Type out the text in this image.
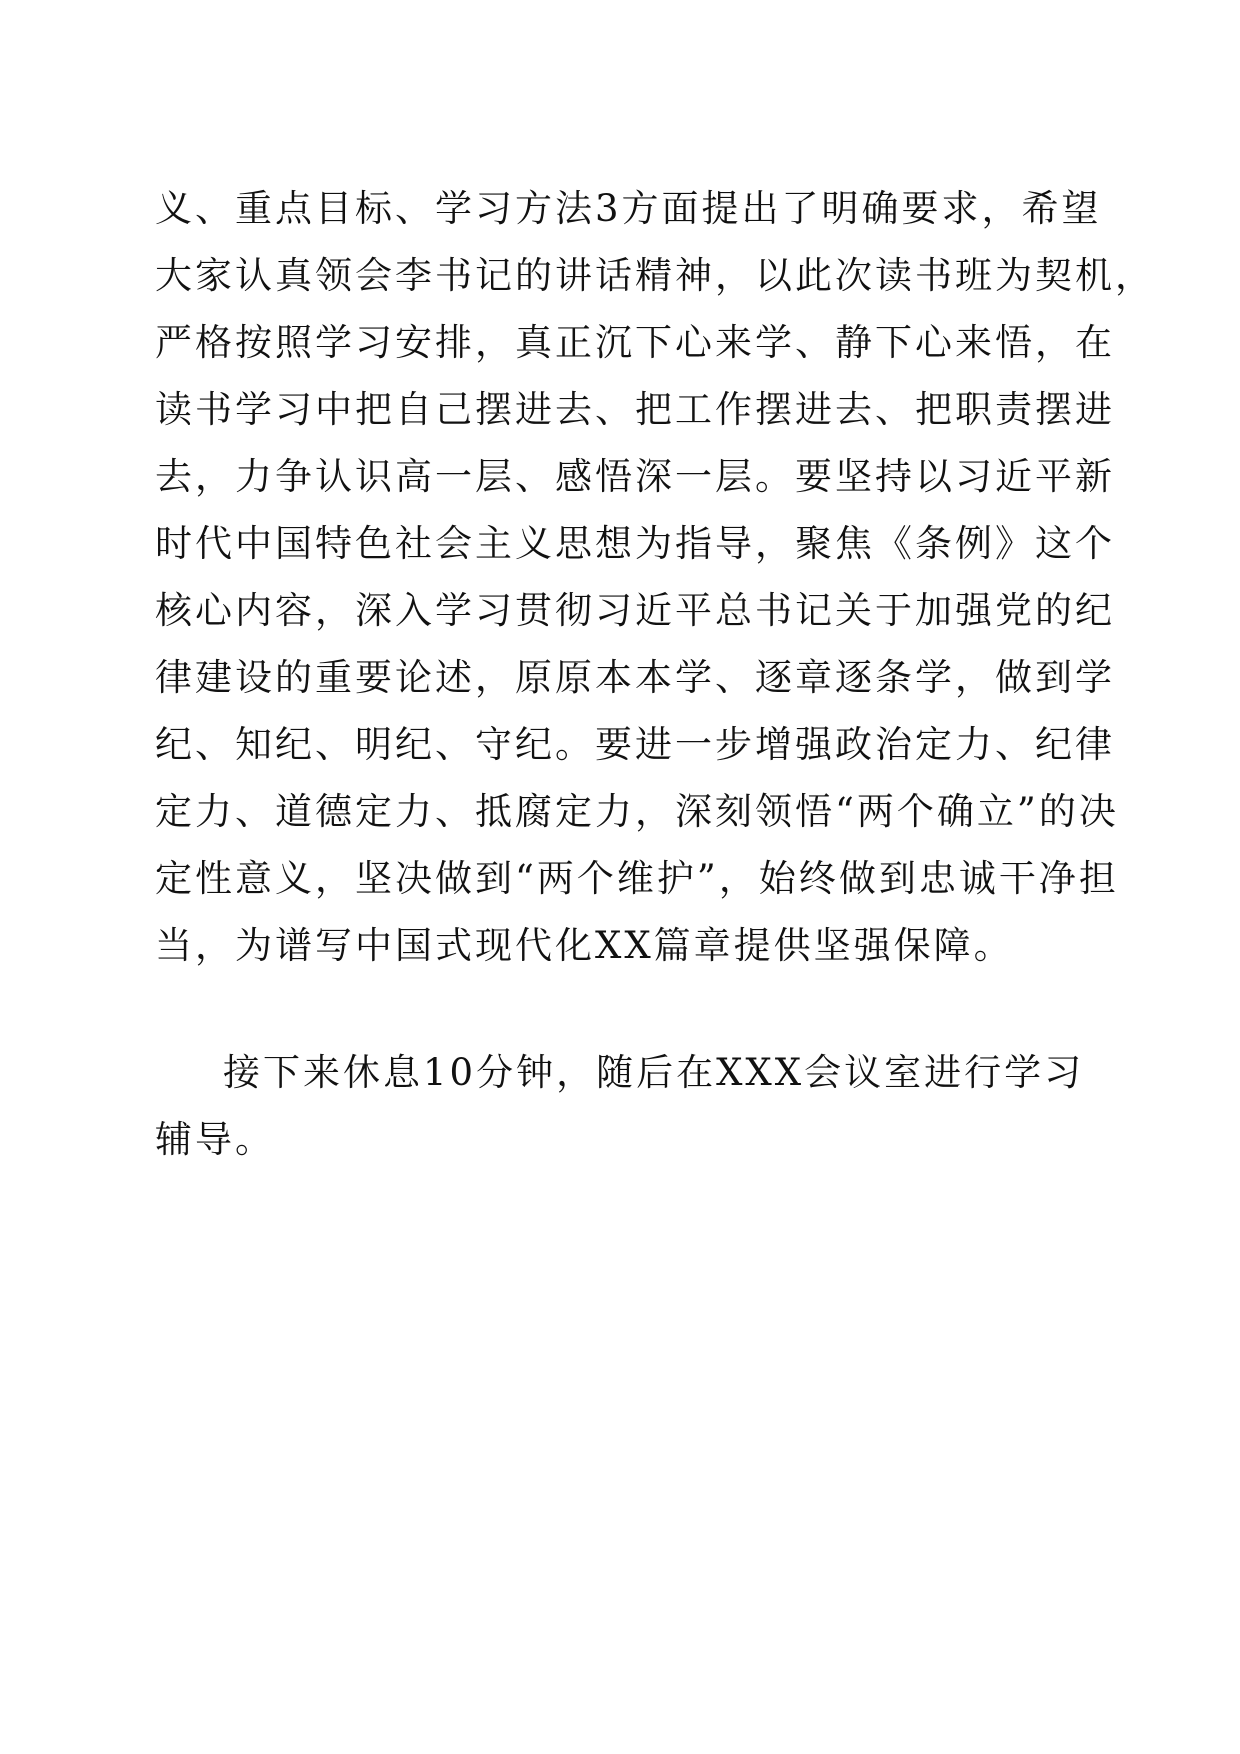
义、重点目标、学习方法3方面提出了明确要求，希望
大家认真领会李书记的讲话精神，以此次读书班为契机，
严格按照学习安排，真正沉下心来学、静下心来悟，在
读书学习中把自己摆进去、把工作摆进去、把职责摆进
去，力争认识高一层、感悟深一层。要坚持以习近平新
时代中国特色社会主义思想为指导，聚焦《条例》这个
核心内容，深入学习贯彻习近平总书记关于加强党的纪
律建设的重要论述，原原本本学、逐章逐条学，做到学
纪、知纪、明纪、守纪。要进一步增强政治定力、纪律
定力、道德定力、抵腐定力，深刻领悟“两个确立”的决
定性意义，坚决做到“两个维护”，始终做到忠诚干净担
当，为谱写中国式现代化XX篇章提供坚强保障。
接下来休息10分钟，随后在XXX会议室进行学习
辅导。
